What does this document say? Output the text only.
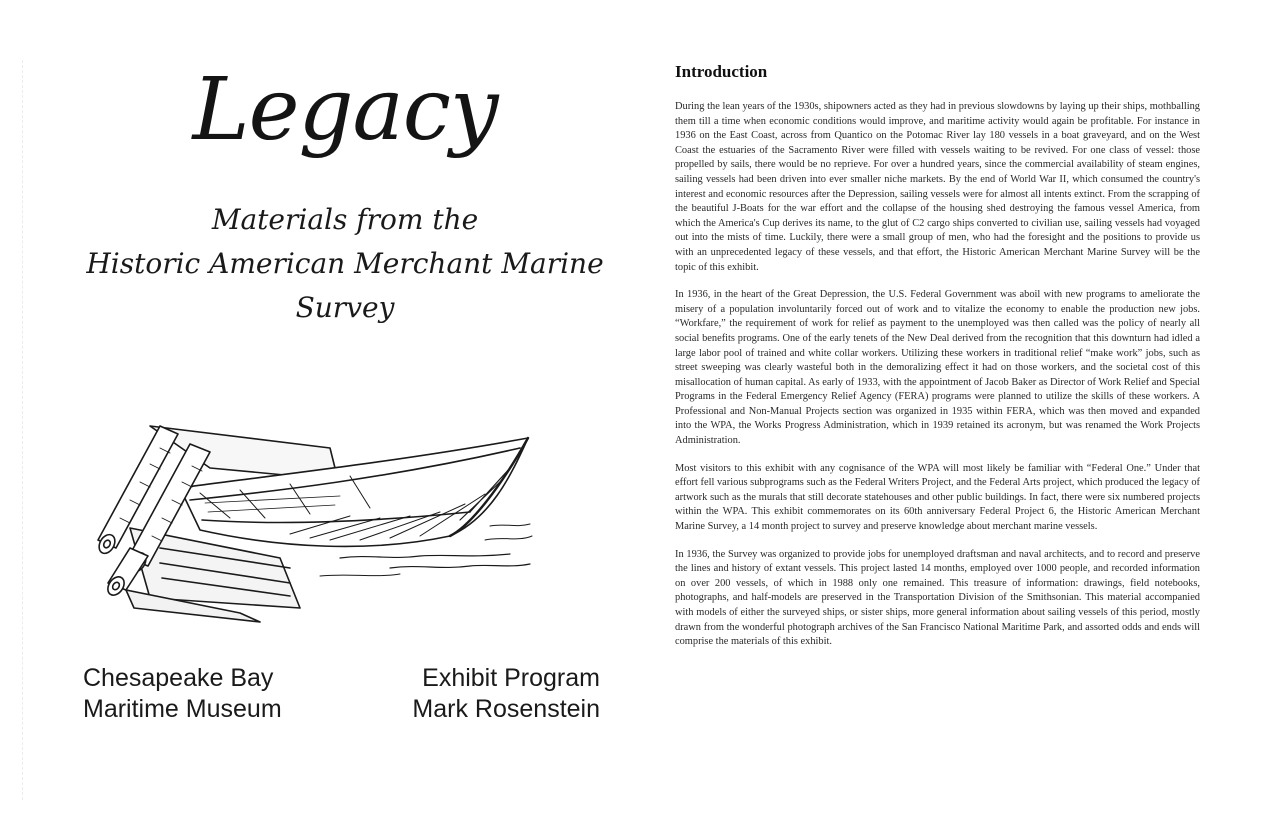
Legacy
Materials from the
Historic American Merchant Marine
Survey
Chesapeake Bay
Maritime Museum
Exhibit Program
Mark Rosenstein
Introduction

During the lean years of the 1930s, shipowners acted as they had in previous slowdowns by laying up their ships, mothballing them till a time when economic conditions would improve, and maritime activity would again be profitable. For instance in 1936 on the East Coast, across from Quantico on the Potomac River lay 180 vessels in a boat graveyard, and on the West Coast the estuaries of the Sacramento River were filled with vessels waiting to be revived. For one class of vessel: those propelled by sails, there would be no reprieve. For over a hundred years, since the commercial availability of steam engines, sailing vessels had been driven into ever smaller niche markets. By the end of World War II, which consumed the country's interest and economic resources after the Depression, sailing vessels were for almost all intents extinct. From the scrapping of the beautiful J-Boats for the war effort and the collapse of the housing shed destroying the famous vessel America, from which the America's Cup derives its name, to the glut of C2 cargo ships converted to civilian use, sailing vessels had voyaged out into the mists of time. Luckily, there were a small group of men, who had the foresight and the positions to provide us with an unprecedented legacy of these vessels, and that effort, the Historic American Merchant Marine Survey will be the topic of this exhibit.

In 1936, in the heart of the Great Depression, the U.S. Federal Government was aboil with new programs to ameliorate the misery of a population involuntarily forced out of work and to vitalize the economy to enable the production new jobs. “Workfare,” the requirement of work for relief as payment to the unemployed was then called was the policy of nearly all social benefits programs. One of the early tenets of the New Deal derived from the recognition that this downturn had idled a large labor pool of trained and white collar workers. Utilizing these workers in traditional relief “make work” jobs, such as street sweeping was clearly wasteful both in the demoralizing effect it had on those workers, and the societal cost of this misallocation of human capital. As early of 1933, with the appointment of Jacob Baker as Director of Work Relief and Special Programs in the Federal Emergency Relief Agency (FERA) programs were planned to utilize the skills of these workers. A Professional and Non-Manual Projects section was organized in 1935 within FERA, which was then moved and expanded into the WPA, the Works Progress Administration, which in 1939 retained its acronym, but was renamed the Work Projects Administration.

Most visitors to this exhibit with any cognisance of the WPA will most likely be familiar with “Federal One.” Under that effort fell various subprograms such as the Federal Writers Project, and the Federal Arts project, which produced the legacy of artwork such as the murals that still decorate statehouses and other public buildings. In fact, there were six numbered projects within the WPA. This exhibit commemorates on its 60th anniversary Federal Project 6, the Historic American Merchant Marine Survey, a 14 month project to survey and preserve knowledge about merchant marine vessels.

In 1936, the Survey was organized to provide jobs for unemployed draftsman and naval architects, and to record and preserve the lines and history of extant vessels. This project lasted 14 months, employed over 1000 people, and recorded information on over 200 vessels, of which in 1988 only one remained. This treasure of information: drawings, field notebooks, photographs, and half-models are preserved in the Transportation Division of the Smithsonian. This material accompanied with models of either the surveyed ships, or sister ships, more general information about sailing vessels of this period, mostly drawn from the wonderful photograph archives of the San Francisco National Maritime Park, and assorted odds and ends will comprise the materials of this exhibit.
